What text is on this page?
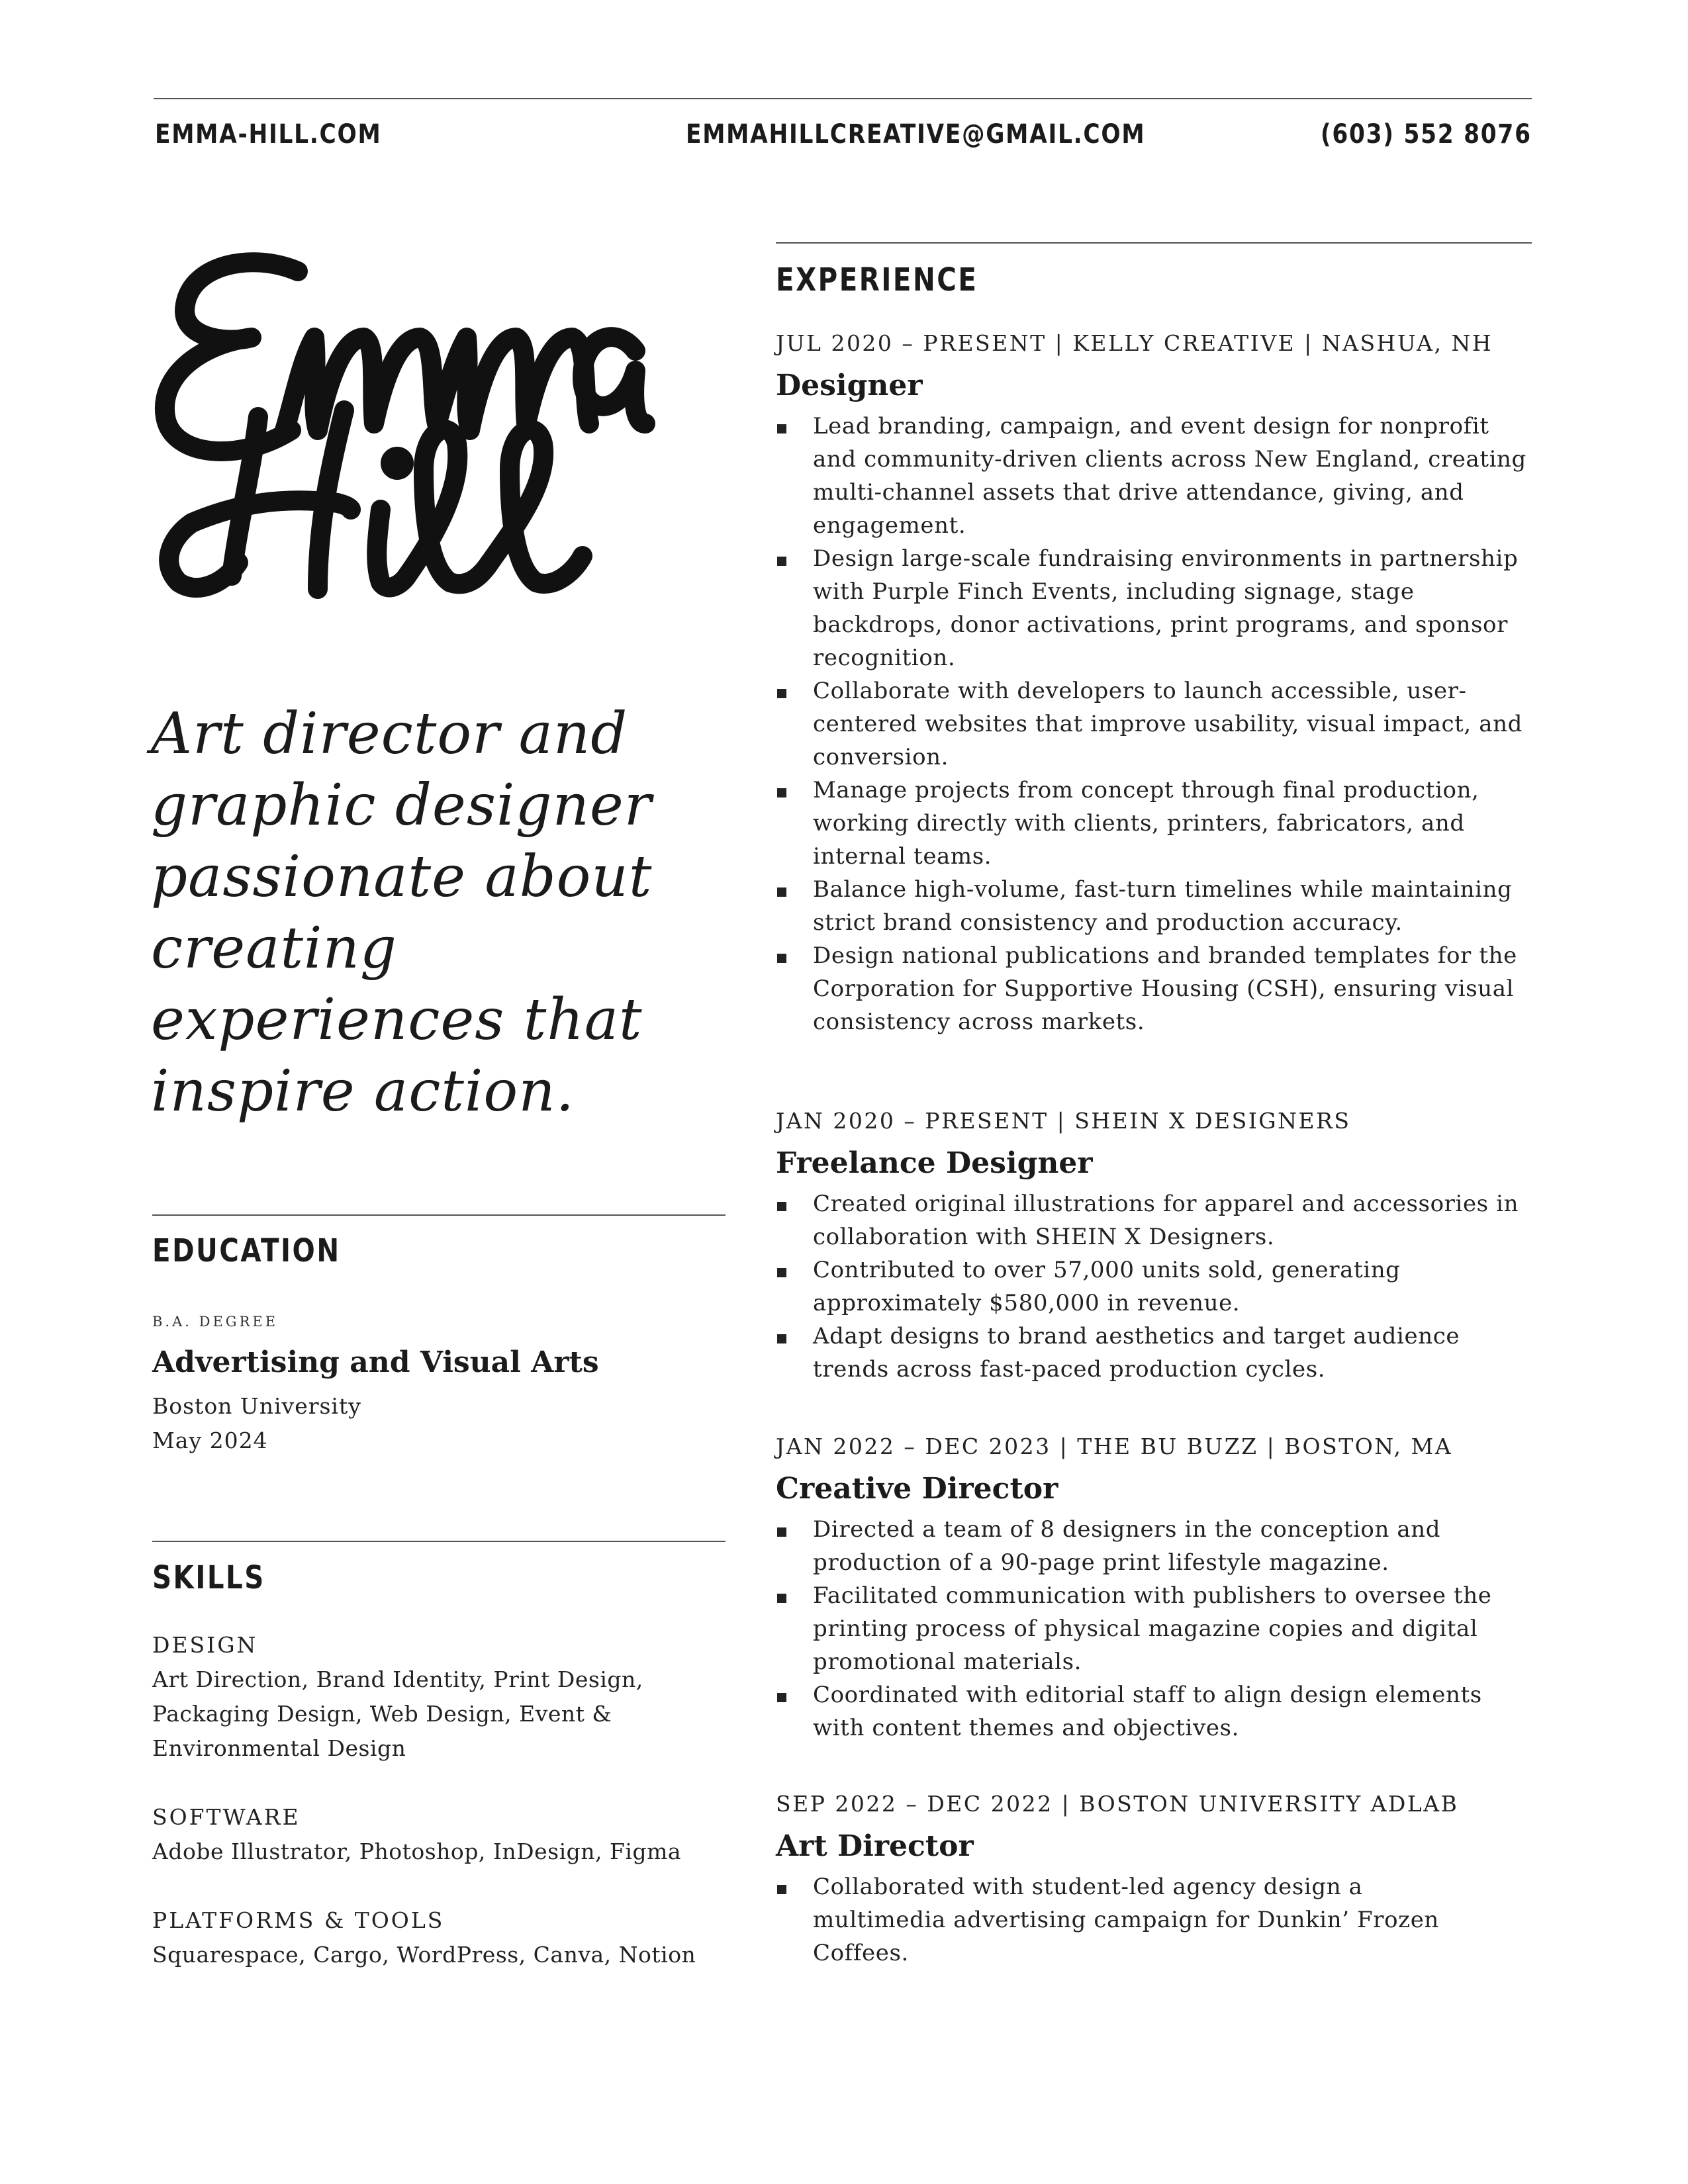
EMMA-HILL.COM	EMMAHILLCREATIVE@GMAIL.COM	(603) 552 8076
Art director and graphic designer passionate about creating experiences that inspire action.
EDUCATION
B.A. DEGREE
Advertising and Visual Arts
Boston University
May 2024
SKILLS
DESIGN
Art Direction, Brand Identity, Print Design, Packaging Design, Web Design, Event & Environmental Design
SOFTWARE
Adobe Illustrator, Photoshop, InDesign, Figma
PLATFORMS & TOOLS
Squarespace, Cargo, WordPress, Canva, Notion
EXPERIENCE
JUL 2020 – PRESENT | KELLY CREATIVE | NASHUA, NH
Designer
Lead branding, campaign, and event design for nonprofit and community-driven clients across New England, creating multi-channel assets that drive attendance, giving, and engagement.
Design large-scale fundraising environments in partnership with Purple Finch Events, including signage, stage backdrops, donor activations, print programs, and sponsor recognition.
Collaborate with developers to launch accessible, user-centered websites that improve usability, visual impact, and conversion.
Manage projects from concept through final production, working directly with clients, printers, fabricators, and internal teams.
Balance high-volume, fast-turn timelines while maintaining strict brand consistency and production accuracy.
Design national publications and branded templates for the Corporation for Supportive Housing (CSH), ensuring visual consistency across markets.
JAN 2020 – PRESENT | SHEIN X DESIGNERS
Freelance Designer
Created original illustrations for apparel and accessories in collaboration with SHEIN X Designers.
Contributed to over 57,000 units sold, generating approximately $580,000 in revenue.
Adapt designs to brand aesthetics and target audience trends across fast-paced production cycles.
JAN 2022 – DEC 2023 | THE BU BUZZ | BOSTON, MA
Creative Director
Directed a team of 8 designers in the conception and production of a 90-page print lifestyle magazine.
Facilitated communication with publishers to oversee the printing process of physical magazine copies and digital promotional materials.
Coordinated with editorial staff to align design elements with content themes and objectives.
SEP 2022 – DEC 2022 | BOSTON UNIVERSITY ADLAB
Art Director
Collaborated with student-led agency design a multimedia advertising campaign for Dunkin’ Frozen Coffees.
